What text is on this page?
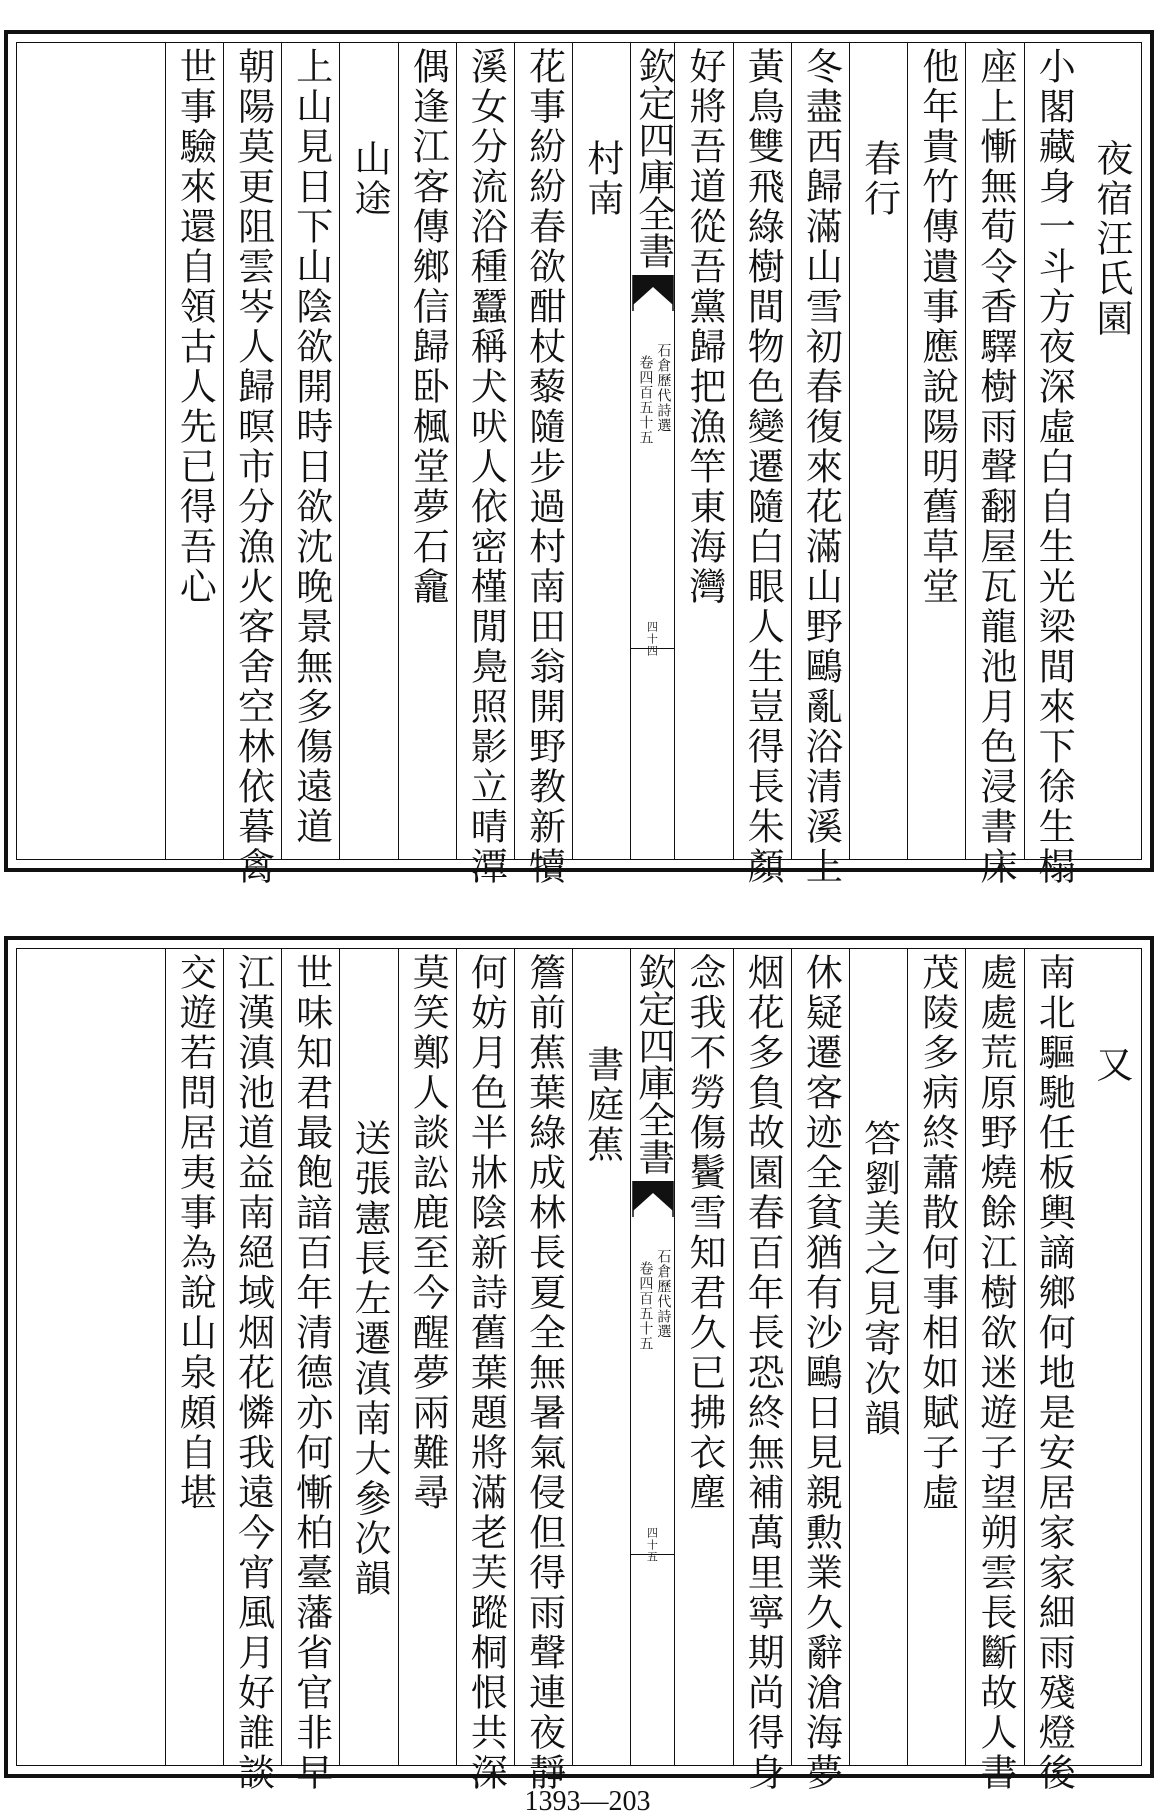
夜宿汪氏園
小閣藏身一斗方夜深虛白自生光梁間來下徐生榻
座上慚無荀令香驛樹雨聲翻屋瓦龍池月色浸書床
他年貴竹傳遺事應說陽明舊草堂
春行
冬盡西歸滿山雪初春復來花滿山野鷗亂浴清溪上
黃鳥雙飛綠樹間物色變遷隨白眼人生豈得長朱顏
好將吾道從吾黨歸把漁竿東海灣
欽定四庫全書
石倉歷代詩選
卷四百五十五
四十四
村南
花事紛紛春欲酣杖藜隨步過村南田翁開野教新犢
溪女分流浴種蠶稱犬吠人依密槿閒鳧照影立晴潭
偶逢江客傳鄉信歸卧楓堂夢石龕
山途
上山見日下山陰欲開時日欲沈晚景無多傷遠道
朝陽莫更阻雲岑人歸暝市分漁火客舍空林依暮禽
世事驗來還自領古人先已得吾心
又
南北驅馳任板輿謫鄉何地是安居家家細雨殘燈後
處處荒原野燒餘江樹欲迷遊子望朔雲長斷故人書
茂陵多病終蕭散何事相如賦子虛
答劉美之見寄次韻
休疑遷客迹全貧猶有沙鷗日見親勲業久辭滄海夢
烟花多負故園春百年長恐終無補萬里寧期尚得身
念我不勞傷鬢雪知君久已拂衣塵
欽定四庫全書
石倉歷代詩選
卷四百五十五
四十五
書庭蕉
簷前蕉葉綠成林長夏全無暑氣侵但得雨聲連夜靜
何妨月色半牀陰新詩舊葉題將滿老芙蹤桐恨共深
莫笑鄭人談訟鹿至今醒夢兩難尋
送張憲長左遷滇南大參次韻
世味知君最飽諳百年清德亦何慚柏臺藩省官非早
江漢滇池道益南絕域烟花憐我遠今宵風月好誰談
交遊若問居夷事為說山泉頗自堪
1393—203
